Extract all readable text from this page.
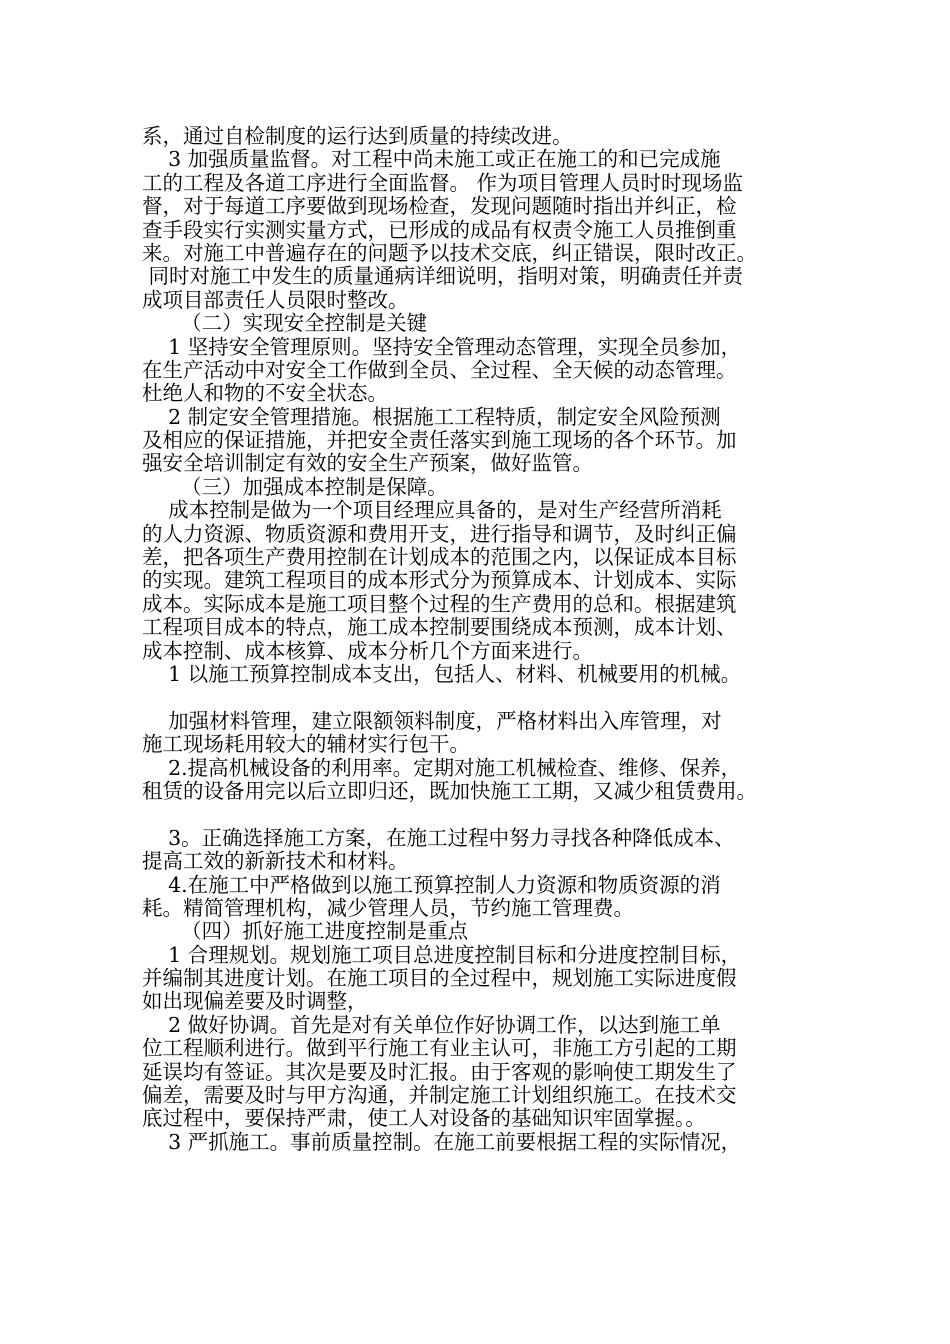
系，通过自检制度的运行达到质量的持续改进。
3 加强质量监督。对工程中尚未施工或正在施工的和已完成施
工的工程及各道工序进行全面监督。 作为项目管理人员时时现场监
督，对于每道工序要做到现场检查，发现问题随时指出并纠正，检
查手段实行实测实量方式，已形成的成品有权责令施工人员推倒重
来。对施工中普遍存在的问题予以技术交底，纠正错误，限时改正。
同时对施工中发生的质量通病详细说明，指明对策，明确责任并责
成项目部责任人员限时整改。
（二）实现安全控制是关键
1 坚持安全管理原则。坚持安全管理动态管理，实现全员参加，
在生产活动中对安全工作做到全员、全过程、全天候的动态管理。
杜绝人和物的不安全状态。
2 制定安全管理措施。根据施工工程特质，制定安全风险预测
及相应的保证措施，并把安全责任落实到施工现场的各个环节。加
强安全培训制定有效的安全生产预案，做好监管。
（三）加强成本控制是保障。
成本控制是做为一个项目经理应具备的，是对生产经营所消耗
的人力资源、物质资源和费用开支，进行指导和调节，及时纠正偏
差，把各项生产费用控制在计划成本的范围之内，以保证成本目标
的实现。建筑工程项目的成本形式分为预算成本、计划成本、实际
成本。实际成本是施工项目整个过程的生产费用的总和。根据建筑
工程项目成本的特点，施工成本控制要围绕成本预测，成本计划、
成本控制、成本核算、成本分析几个方面来进行。
1 以施工预算控制成本支出，包括人、材料、机械要用的机械。
加强材料管理，建立限额领料制度，严格材料出入库管理，对
施工现场耗用较大的辅材实行包干。
2.提高机械设备的利用率。定期对施工机械检查、维修、保养，
租赁的设备用完以后立即归还，既加快施工工期，又减少租赁费用。
3。正确选择施工方案，在施工过程中努力寻找各种降低成本、
提高工效的新新技术和材料。
4.在施工中严格做到以施工预算控制人力资源和物质资源的消
耗。精简管理机构，减少管理人员，节约施工管理费。
（四）抓好施工进度控制是重点
1 合理规划。规划施工项目总进度控制目标和分进度控制目标，
并编制其进度计划。在施工项目的全过程中，规划施工实际进度假
如出现偏差要及时调整，
2 做好协调。首先是对有关单位作好协调工作，以达到施工单
位工程顺利进行。做到平行施工有业主认可，非施工方引起的工期
延误均有签证。其次是要及时汇报。由于客观的影响使工期发生了
偏差，需要及时与甲方沟通，并制定施工计划组织施工。在技术交
底过程中，要保持严肃，使工人对设备的基础知识牢固掌握。。
3 严抓施工。事前质量控制。在施工前要根据工程的实际情况，
